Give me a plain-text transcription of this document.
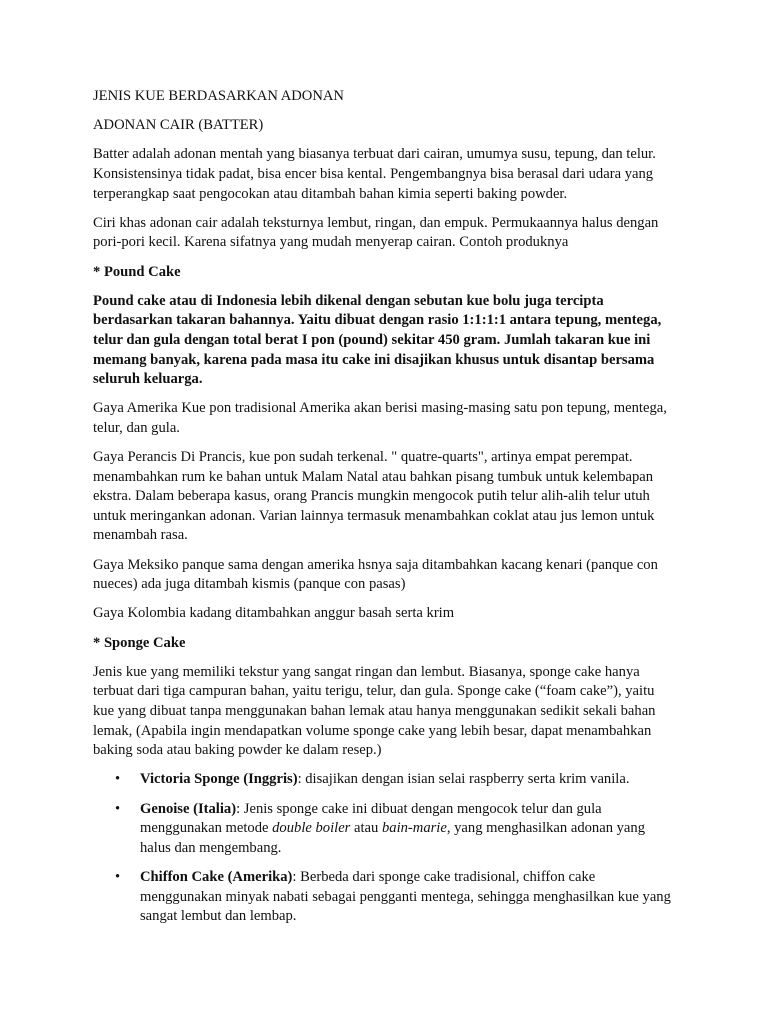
JENIS KUE BERDASARKAN ADONAN

ADONAN CAIR (BATTER)

Batter adalah adonan mentah yang biasanya terbuat dari cairan, umumya susu, tepung, dan telur. Konsistensinya tidak padat, bisa encer bisa kental. Pengembangnya bisa berasal dari udara yang terperangkap saat pengocokan atau ditambah bahan kimia seperti baking powder.

Ciri khas adonan cair adalah teksturnya lembut, ringan, dan empuk. Permukaannya halus dengan pori-pori kecil. Karena sifatnya yang mudah menyerap cairan. Contoh produknya

* Pound Cake

Pound cake atau di Indonesia lebih dikenal dengan sebutan kue bolu juga tercipta berdasarkan takaran bahannya. Yaitu dibuat dengan rasio 1:1:1:1 antara tepung, mentega, telur dan gula dengan total berat I pon (pound) sekitar 450 gram. Jumlah takaran kue ini memang banyak, karena pada masa itu cake ini disajikan khusus untuk disantap bersama seluruh keluarga.

Gaya Amerika Kue pon tradisional Amerika akan berisi masing-masing satu pon tepung, mentega, telur, dan gula.

Gaya Perancis Di Prancis, kue pon sudah terkenal. " quatre-quarts", artinya empat perempat. menambahkan rum ke bahan untuk Malam Natal atau bahkan pisang tumbuk untuk kelembapan ekstra. Dalam beberapa kasus, orang Prancis mungkin mengocok putih telur alih-alih telur utuh untuk meringankan adonan. Varian lainnya termasuk menambahkan coklat atau jus lemon untuk menambah rasa.

Gaya Meksiko panque sama dengan amerika hsnya saja ditambahkan kacang kenari (panque con nueces) ada juga ditambah kismis (panque con pasas)

Gaya Kolombia kadang ditambahkan anggur basah serta krim

* Sponge Cake

Jenis kue yang memiliki tekstur yang sangat ringan dan lembut. Biasanya, sponge cake hanya terbuat dari tiga campuran bahan, yaitu terigu, telur, dan gula. Sponge cake (“foam cake”), yaitu kue yang dibuat tanpa menggunakan bahan lemak atau hanya menggunakan sedikit sekali bahan lemak, (Apabila ingin mendapatkan volume sponge cake yang lebih besar, dapat menambahkan baking soda atau baking powder ke dalam resep.)

• Victoria Sponge (Inggris): disajikan dengan isian selai raspberry serta krim vanila.
• Genoise (Italia): Jenis sponge cake ini dibuat dengan mengocok telur dan gula menggunakan metode double boiler atau bain-marie, yang menghasilkan adonan yang halus dan mengembang.
• Chiffon Cake (Amerika): Berbeda dari sponge cake tradisional, chiffon cake menggunakan minyak nabati sebagai pengganti mentega, sehingga menghasilkan kue yang sangat lembut dan lembap.
